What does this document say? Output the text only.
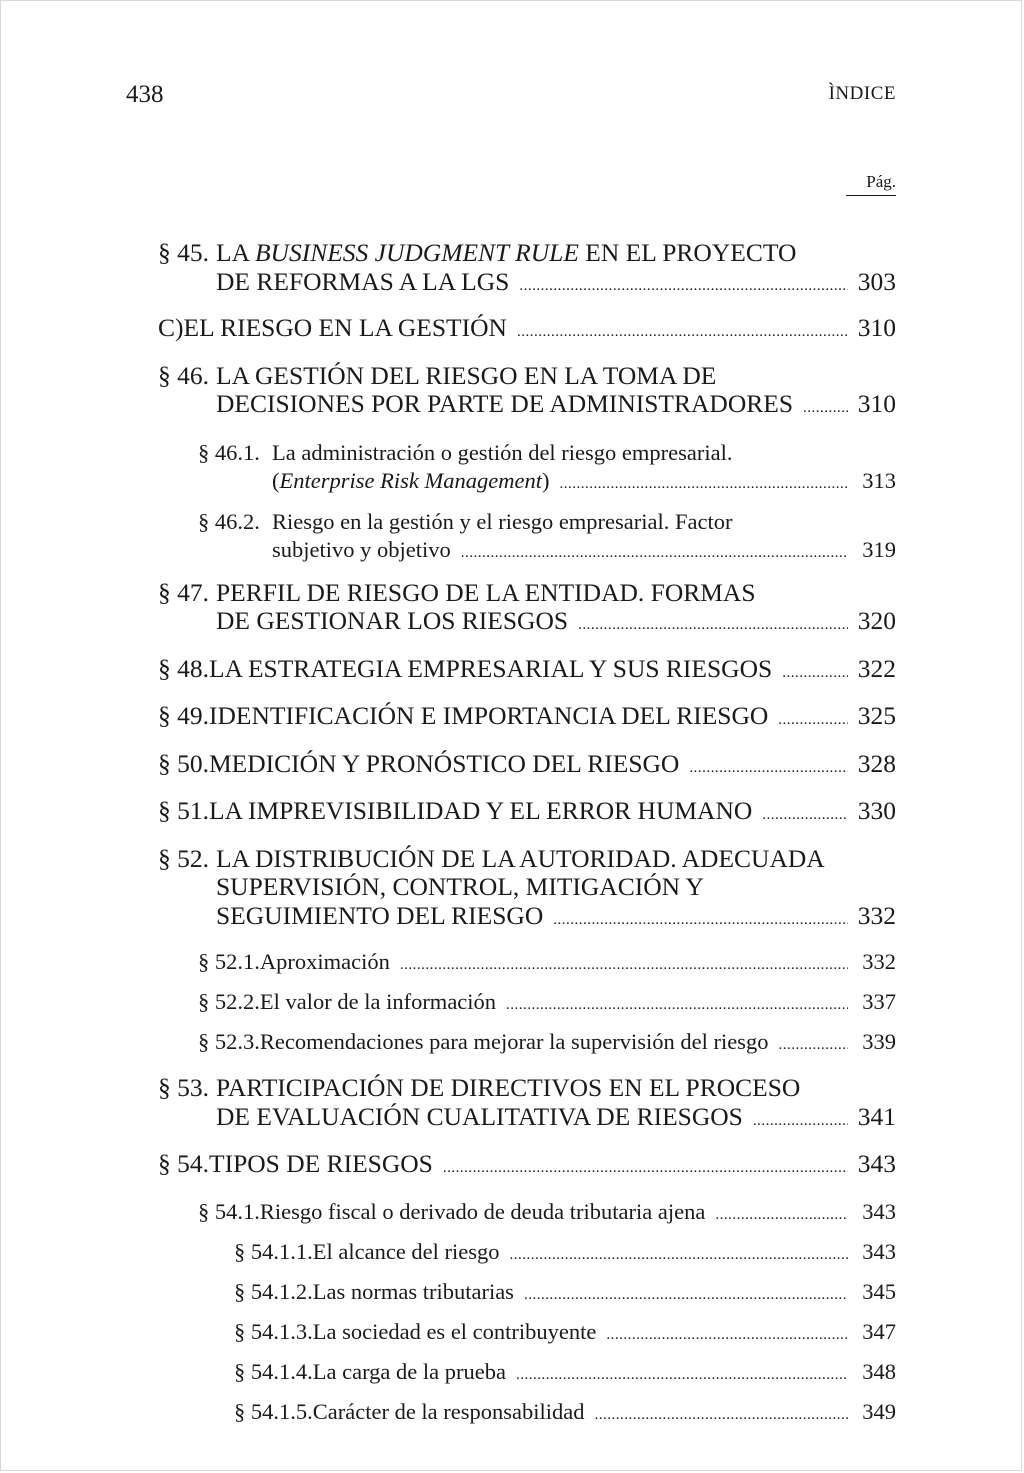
438	ÌNDICE
Pág.
§ 45. LA BUSINESS JUDGMENT RULE EN EL PROYECTO
DE REFORMAS A LA LGS .....	303
C) EL RIESGO EN LA GESTIÓN .....	310
§ 46. LA GESTIÓN DEL RIESGO EN LA TOMA DE
DECISIONES POR PARTE DE ADMINISTRADORES .....	310
§ 46.1. La administración o gestión del riesgo empresarial.
(Enterprise Risk Management) .....	313
§ 46.2. Riesgo en la gestión y el riesgo empresarial. Factor
subjetivo y objetivo .....	319
§ 47. PERFIL DE RIESGO DE LA ENTIDAD. FORMAS
DE GESTIONAR LOS RIESGOS .....	320
§ 48. LA ESTRATEGIA EMPRESARIAL Y SUS RIESGOS .....	322
§ 49. IDENTIFICACIÓN E IMPORTANCIA DEL RIESGO .....	325
§ 50. MEDICIÓN Y PRONÓSTICO DEL RIESGO .....	328
§ 51. LA IMPREVISIBILIDAD Y EL ERROR HUMANO .....	330
§ 52. LA DISTRIBUCIÓN DE LA AUTORIDAD. ADECUADA
SUPERVISIÓN, CONTROL, MITIGACIÓN Y
SEGUIMIENTO DEL RIESGO .....	332
§ 52.1. Aproximación .....	332
§ 52.2. El valor de la información .....	337
§ 52.3. Recomendaciones para mejorar la supervisión del riesgo .....	339
§ 53. PARTICIPACIÓN DE DIRECTIVOS EN EL PROCESO
DE EVALUACIÓN CUALITATIVA DE RIESGOS .....	341
§ 54. TIPOS DE RIESGOS .....	343
§ 54.1. Riesgo fiscal o derivado de deuda tributaria ajena .....	343
§ 54.1.1. El alcance del riesgo .....	343
§ 54.1.2. Las normas tributarias .....	345
§ 54.1.3. La sociedad es el contribuyente .....	347
§ 54.1.4. La carga de la prueba .....	348
§ 54.1.5. Carácter de la responsabilidad .....	349
